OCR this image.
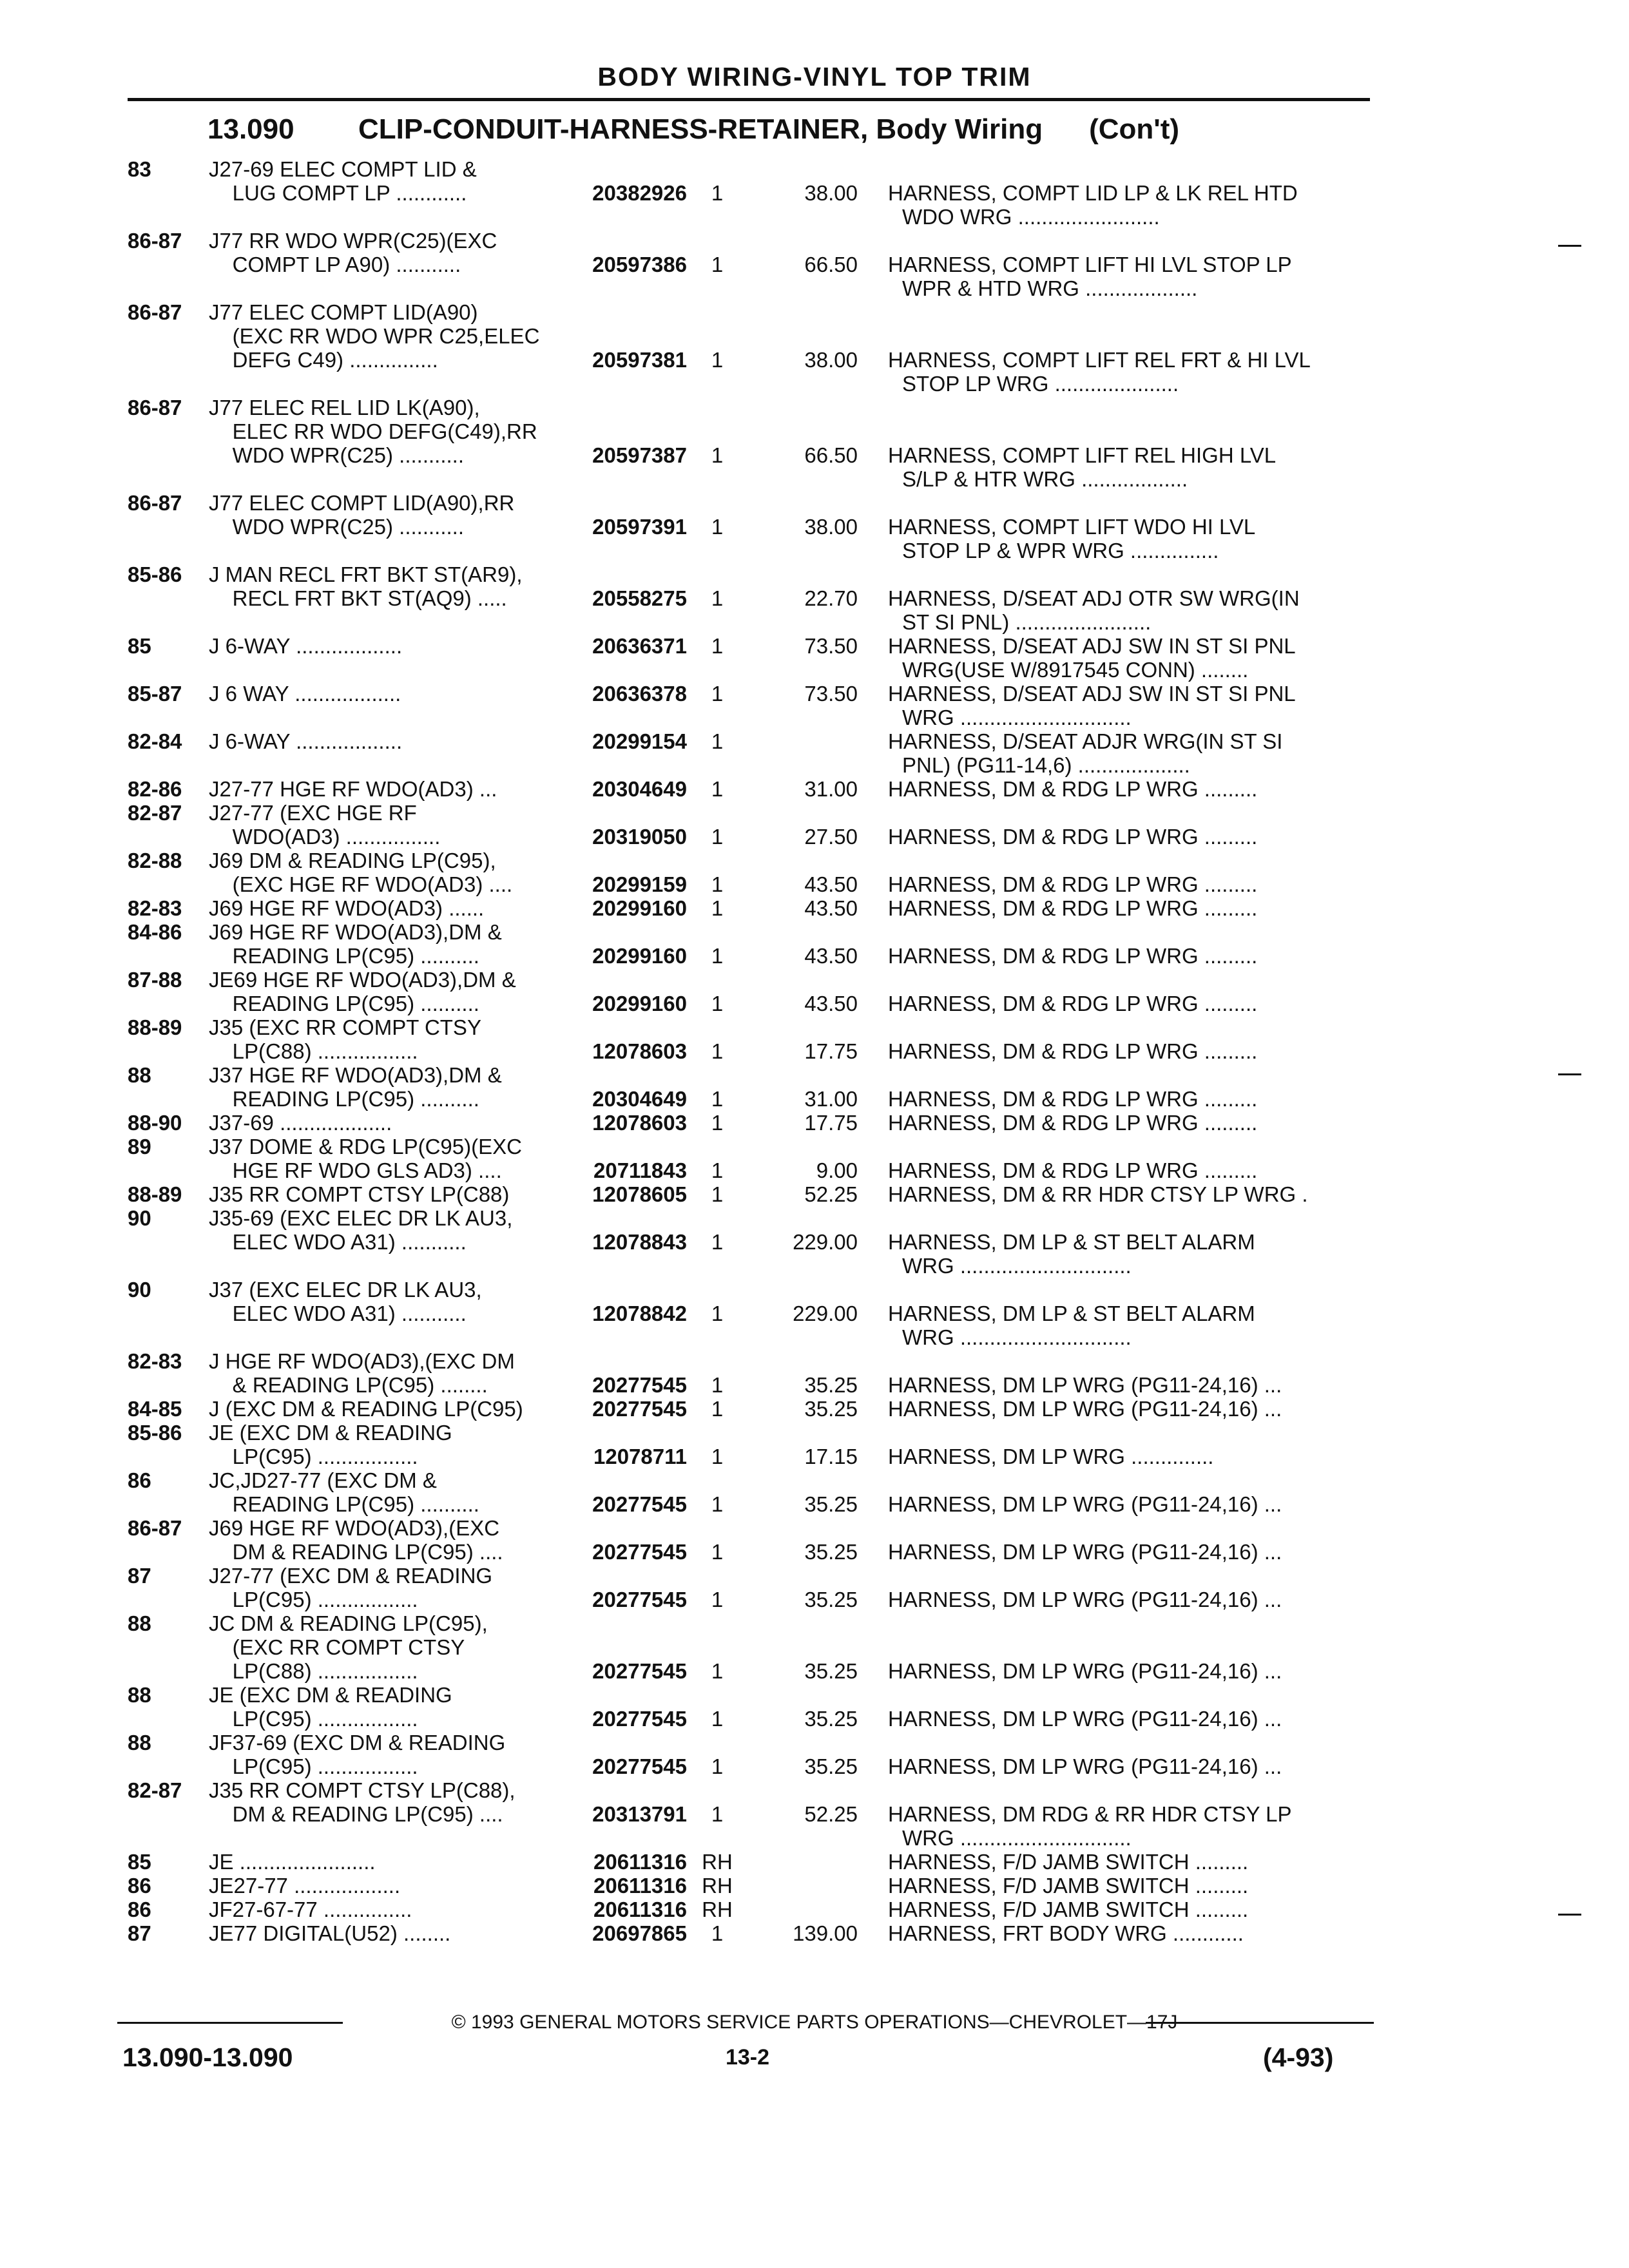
BODY WIRING-VINYL TOP TRIM
13.090 CLIP-CONDUIT-HARNESS-RETAINER, Body Wiring (Con't)
83	J27-69 ELEC COMPT LID &
LUG COMPT LP ............	20382926	1	38.00 HARNESS, COMPT LID LP & LK REL HTD
WDO WRG ........................
86-87	J77 RR WDO WPR(C25)(EXC
COMPT LP A90) ...........	20597386	1	66.50 HARNESS, COMPT LIFT HI LVL STOP LP
WPR & HTD WRG ...................
86-87	J77 ELEC COMPT LID(A90)
(EXC RR WDO WPR C25,ELEC
DEFG C49) ...............	20597381	1	38.00 HARNESS, COMPT LIFT REL FRT & HI LVL
STOP LP WRG .....................
86-87	J77 ELEC REL LID LK(A90),
ELEC RR WDO DEFG(C49),RR
WDO WPR(C25) ...........	20597387	1	66.50 HARNESS, COMPT LIFT REL HIGH LVL
S/LP & HTR WRG ..................
86-87	J77 ELEC COMPT LID(A90),RR
WDO WPR(C25) ...........	20597391	1	38.00 HARNESS, COMPT LIFT WDO HI LVL
STOP LP & WPR WRG ...............
85-86	J MAN RECL FRT BKT ST(AR9),
RECL FRT BKT ST(AQ9) .....	20558275	1	22.70 HARNESS, D/SEAT ADJ OTR SW WRG(IN
ST SI PNL) .......................
85	J 6-WAY ..................	20636371	1	73.50 HARNESS, D/SEAT ADJ SW IN ST SI PNL
WRG(USE W/8917545 CONN) ........
85-87	J 6 WAY ..................	20636378	1	73.50 HARNESS, D/SEAT ADJ SW IN ST SI PNL
WRG .............................
82-84	J 6-WAY ..................	20299154	1	HARNESS, D/SEAT ADJR WRG(IN ST SI
PNL) (PG11-14,6) ...................
82-86	J27-77 HGE RF WDO(AD3) ...	20304649	1	31.00 HARNESS, DM & RDG LP WRG .........
82-87	J27-77 (EXC HGE RF
WDO(AD3) ................	20319050	1	27.50 HARNESS, DM & RDG LP WRG .........
82-88	J69 DM & READING LP(C95),
(EXC HGE RF WDO(AD3) ....	20299159	1	43.50 HARNESS, DM & RDG LP WRG .........
82-83	J69 HGE RF WDO(AD3) ......	20299160	1	43.50 HARNESS, DM & RDG LP WRG .........
84-86	J69 HGE RF WDO(AD3),DM &
READING LP(C95) ..........	20299160	1	43.50 HARNESS, DM & RDG LP WRG .........
87-88	JE69 HGE RF WDO(AD3),DM &
READING LP(C95) ..........	20299160	1	43.50 HARNESS, DM & RDG LP WRG .........
88-89	J35 (EXC RR COMPT CTSY
LP(C88) .................	12078603	1	17.75 HARNESS, DM & RDG LP WRG .........
88	J37 HGE RF WDO(AD3),DM &
READING LP(C95) ..........	20304649	1	31.00 HARNESS, DM & RDG LP WRG .........
88-90	J37-69 ...................	12078603	1	17.75 HARNESS, DM & RDG LP WRG .........
89	J37 DOME & RDG LP(C95)(EXC
HGE RF WDO GLS AD3) ....	20711843	1	9.00 HARNESS, DM & RDG LP WRG .........
88-89	J35 RR COMPT CTSY LP(C88)	12078605	1	52.25 HARNESS, DM & RR HDR CTSY LP WRG .
90	J35-69 (EXC ELEC DR LK AU3,
ELEC WDO A31) ...........	12078843	1	229.00 HARNESS, DM LP & ST BELT ALARM
WRG .............................
90	J37 (EXC ELEC DR LK AU3,
ELEC WDO A31) ...........	12078842	1	229.00 HARNESS, DM LP & ST BELT ALARM
WRG .............................
82-83	J HGE RF WDO(AD3),(EXC DM
& READING LP(C95) ........	20277545	1	35.25 HARNESS, DM LP WRG (PG11-24,16) ...
84-85	J (EXC DM & READING LP(C95)	20277545	1	35.25 HARNESS, DM LP WRG (PG11-24,16) ...
85-86	JE (EXC DM & READING
LP(C95) .................	12078711	1	17.15 HARNESS, DM LP WRG ..............
86	JC,JD27-77 (EXC DM &
READING LP(C95) ..........	20277545	1	35.25 HARNESS, DM LP WRG (PG11-24,16) ...
86-87	J69 HGE RF WDO(AD3),(EXC
DM & READING LP(C95) ....	20277545	1	35.25 HARNESS, DM LP WRG (PG11-24,16) ...
87	J27-77 (EXC DM & READING
LP(C95) .................	20277545	1	35.25 HARNESS, DM LP WRG (PG11-24,16) ...
88	JC DM & READING LP(C95),
(EXC RR COMPT CTSY
LP(C88) .................	20277545	1	35.25 HARNESS, DM LP WRG (PG11-24,16) ...
88	JE (EXC DM & READING
LP(C95) .................	20277545	1	35.25 HARNESS, DM LP WRG (PG11-24,16) ...
88	JF37-69 (EXC DM & READING
LP(C95) .................	20277545	1	35.25 HARNESS, DM LP WRG (PG11-24,16) ...
82-87	J35 RR COMPT CTSY LP(C88),
DM & READING LP(C95) ....	20313791	1	52.25 HARNESS, DM RDG & RR HDR CTSY LP
WRG .............................
85	JE .......................	20611316 RH	HARNESS, F/D JAMB SWITCH .........
86	JE27-77 ..................	20611316 RH	HARNESS, F/D JAMB SWITCH .........
86	JF27-67-77 ...............	20611316 RH	HARNESS, F/D JAMB SWITCH .........
87	JE77 DIGITAL(U52) ........	20697865	1	139.00 HARNESS, FRT BODY WRG ............
© 1993 GENERAL MOTORS SERVICE PARTS OPERATIONS—CHEVROLET—17J
13.090-13.090	13-2	(4-93)
